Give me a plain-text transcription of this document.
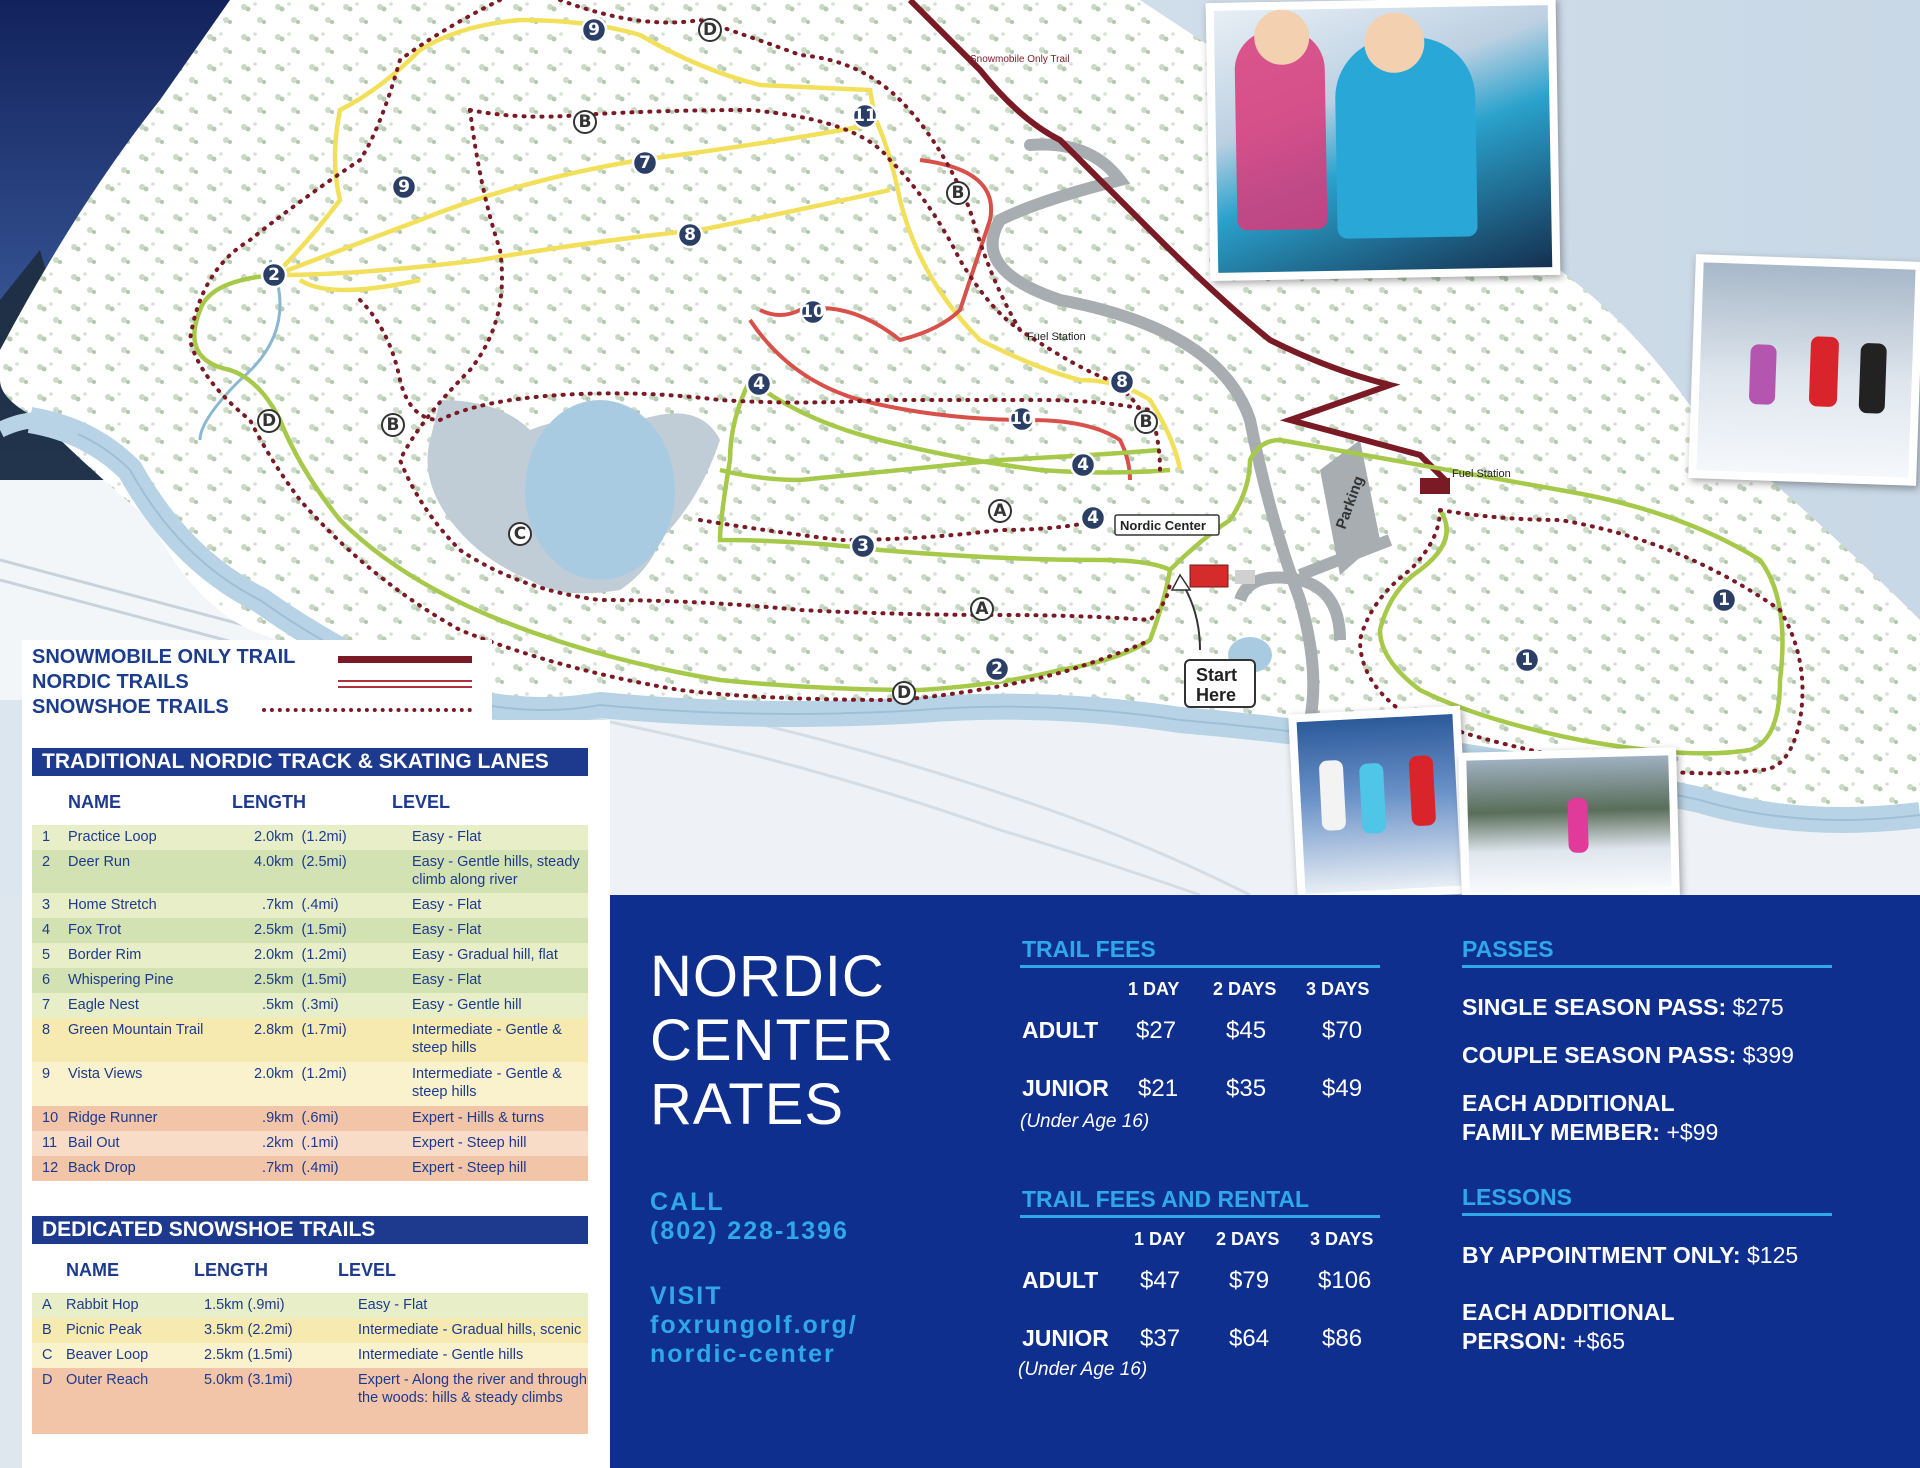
Parking
Snowmobile Only Trail
Fuel Station
Fuel Station
Nordic Center
Start
Here
9	D
B	11
7
B
9
8
2
10
10
8
B
4
4
4
A
3
A
D	B
C
1
1
2
D
SNOWMOBILE ONLY TRAIL
NORDIC TRAILS
SNOWSHOE TRAILS
TRADITIONAL NORDIC TRACK & SKATING LANES
NAME	LENGTH	LEVEL
1 Practice Loop	2.0km  (1.2mi)	Easy - Flat
2 Deer Run	4.0km  (2.5mi)	Easy - Gentle hills, steady climb along river
3 Home Stretch	.7km  (.4mi)	Easy - Flat
4 Fox Trot	2.5km  (1.5mi)	Easy - Flat
5 Border Rim	2.0km  (1.2mi)	Easy - Gradual hill, flat
6 Whispering Pine	2.5km  (1.5mi)	Easy - Flat
7 Eagle Nest	.5km  (.3mi)	Easy - Gentle hill
8 Green Mountain Trail	2.8km  (1.7mi)	Intermediate - Gentle & steep hills
9 Vista Views	2.0km  (1.2mi)	Intermediate - Gentle & steep hills
10 Ridge Runner	.9km  (.6mi)	Expert - Hills & turns
11 Bail Out	.2km  (.1mi)	Expert - Steep hill
12 Back Drop	.7km  (.4mi)	Expert - Steep hill
DEDICATED SNOWSHOE TRAILS
NAME	LENGTH	LEVEL
A Rabbit Hop	1.5km (.9mi)	Easy - Flat
B Picnic Peak	3.5km (2.2mi)	Intermediate - Gradual hills, scenic
C Beaver Loop	2.5km (1.5mi)	Intermediate - Gentle hills
D Outer Reach	5.0km (3.1mi)	Expert - Along the river and through the woods: hills & steady climbs
NORDIC
CENTER
RATES
CALL
(802) 228-1396
VISIT
foxrungolf.org/
nordic-center
TRAIL FEES
1 DAY 2 DAYS 3 DAYS
ADULT $27 $45 $70
JUNIOR $21 $35 $49
(Under Age 16)
TRAIL FEES AND RENTAL
1 DAY 2 DAYS 3 DAYS
ADULT $47 $79 $106
JUNIOR $37 $64 $86
(Under Age 16)
PASSES
SINGLE SEASON PASS: $275
COUPLE SEASON PASS: $399
EACH ADDITIONAL
FAMILY MEMBER: +$99
LESSONS
BY APPOINTMENT ONLY: $125
EACH ADDITIONAL
PERSON: +$65
